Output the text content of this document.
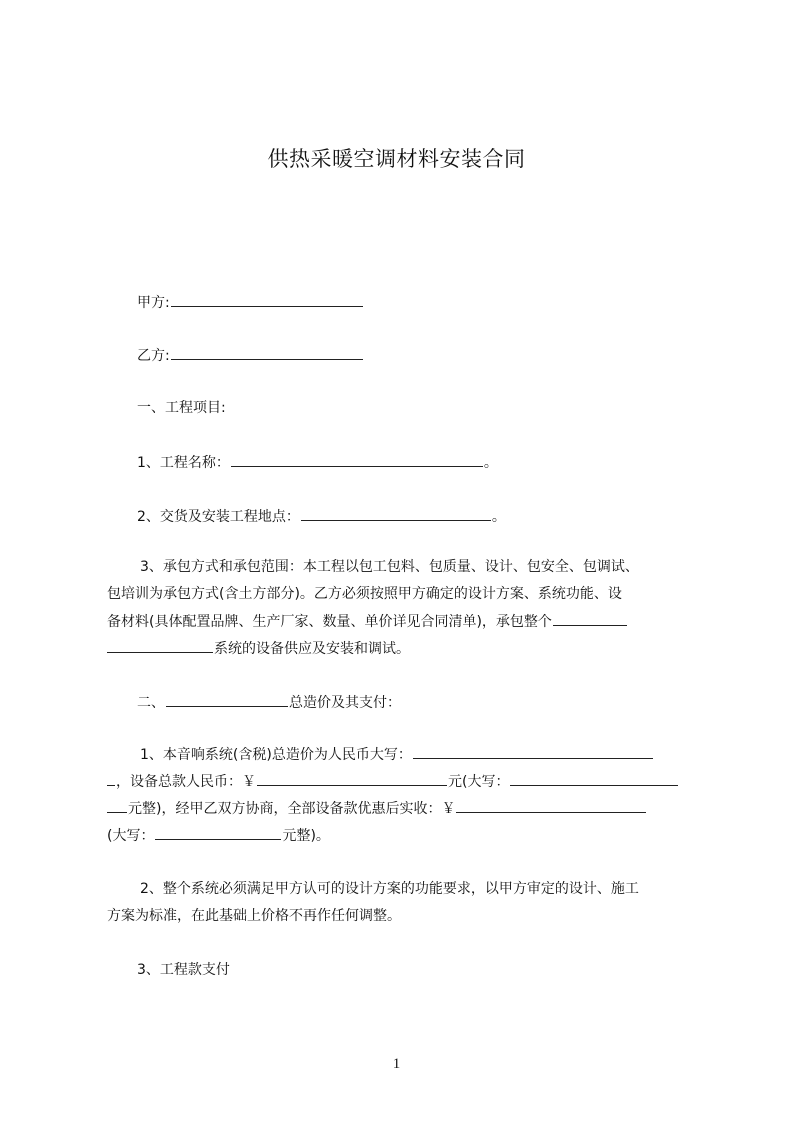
供热采暖空调材料安装合同
甲方:
乙方:
一、工程项目:
1、工程名称：	。
2、交货及安装工程地点：	。
3、承包方式和承包范围：本工程以包工包料、包质量、设计、包安全、包调试、
包培训为承包方式(含土方部分)。乙方必须按照甲方确定的设计方案、系统功能、设
备材料(具体配置品牌、生产厂家、数量、单价详见合同清单)，承包整个
系统的设备供应及安装和调试。
二、	总造价及其支付：
1、本音响系统(含税)总造价为人民币大写：
，设备总款人民币：￥	元(大写：
元整)，经甲乙双方协商，全部设备款优惠后实收：￥
(大写：	元整)。
2、整个系统必须满足甲方认可的设计方案的功能要求，以甲方审定的设计、施工
方案为标准，在此基础上价格不再作任何调整。
3、工程款支付
1
